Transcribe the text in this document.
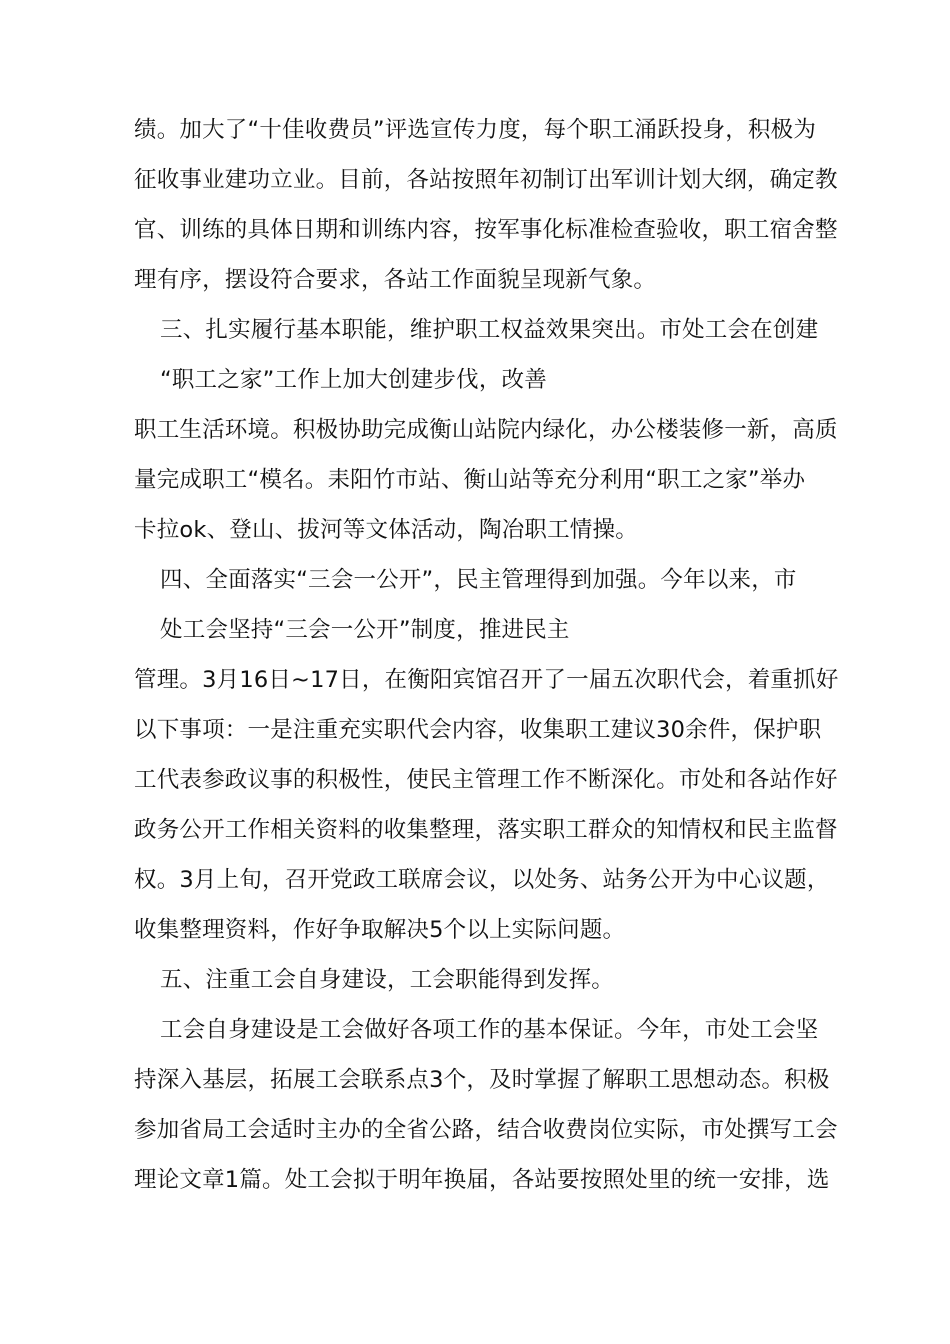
绩。加大了“十佳收费员”评选宣传力度，每个职工涌跃投身，积极为
征收事业建功立业。目前，各站按照年初制订出军训计划大纲，确定教
官、训练的具体日期和训练内容，按军事化标准检查验收，职工宿舍整
理有序，摆设符合要求，各站工作面貌呈现新气象。
三、扎实履行基本职能，维护职工权益效果突出。市处工会在创建
“职工之家”工作上加大创建步伐，改善
职工生活环境。积极协助完成衡山站院内绿化，办公楼装修一新，高质
量完成职工“模名。耒阳竹市站、衡山站等充分利用“职工之家”举办
卡拉ok、登山、拔河等文体活动，陶冶职工情操。
四、全面落实“三会一公开”，民主管理得到加强。今年以来，市
处工会坚持“三会一公开”制度，推进民主
管理。3月16日~17日，在衡阳宾馆召开了一届五次职代会，着重抓好
以下事项：一是注重充实职代会内容，收集职工建议30余件，保护职
工代表参政议事的积极性，使民主管理工作不断深化。市处和各站作好
政务公开工作相关资料的收集整理，落实职工群众的知情权和民主监督
权。3月上旬，召开党政工联席会议，以处务、站务公开为中心议题，
收集整理资料，作好争取解决5个以上实际问题。
五、注重工会自身建设，工会职能得到发挥。
工会自身建设是工会做好各项工作的基本保证。今年，市处工会坚
持深入基层，拓展工会联系点3个，及时掌握了解职工思想动态。积极
参加省局工会适时主办的全省公路，结合收费岗位实际，市处撰写工会
理论文章1篇。处工会拟于明年换届，各站要按照处里的统一安排，选
